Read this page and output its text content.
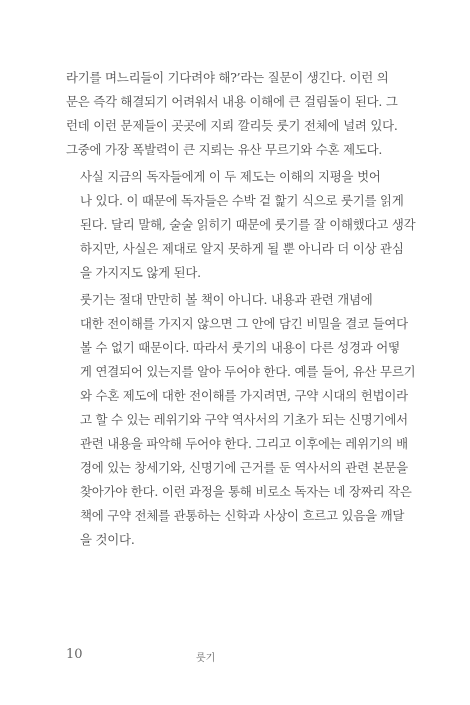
라기를 며느리들이 기다려야 해?’라는 질문이 생긴다. 이런 의
문은 즉각 해결되기 어려워서 내용 이해에 큰 걸림돌이 된다. 그
런데 이런 문제들이 곳곳에 지뢰 깔리듯 룻기 전체에 널려 있다.
그중에 가장 폭발력이 큰 지뢰는 유산 무르기와 수혼 제도다.

사실 지금의 독자들에게 이 두 제도는 이해의 지평을 벗어
나 있다. 이 때문에 독자들은 수박 겉 핥기 식으로 룻기를 읽게
된다. 달리 말해, 술술 읽히기 때문에 룻기를 잘 이해했다고 생각
하지만, 사실은 제대로 알지 못하게 될 뿐 아니라 더 이상 관심
을 가지지도 않게 된다.

룻기는 절대 만만히 볼 책이 아니다. 내용과 관련 개념에
대한 전이해를 가지지 않으면 그 안에 담긴 비밀을 결코 들여다
볼 수 없기 때문이다. 따라서 룻기의 내용이 다른 성경과 어떻
게 연결되어 있는지를 알아 두어야 한다. 예를 들어, 유산 무르기
와 수혼 제도에 대한 전이해를 가지려면, 구약 시대의 헌법이라
고 할 수 있는 레위기와 구약 역사서의 기초가 되는 신명기에서
관련 내용을 파악해 두어야 한다. 그리고 이후에는 레위기의 배
경에 있는 창세기와, 신명기에 근거를 둔 역사서의 관련 본문을
찾아가야 한다. 이런 과정을 통해 비로소 독자는 네 장짜리 작은
책에 구약 전체를 관통하는 신학과 사상이 흐르고 있음을 깨달
을 것이다.

10	룻기
